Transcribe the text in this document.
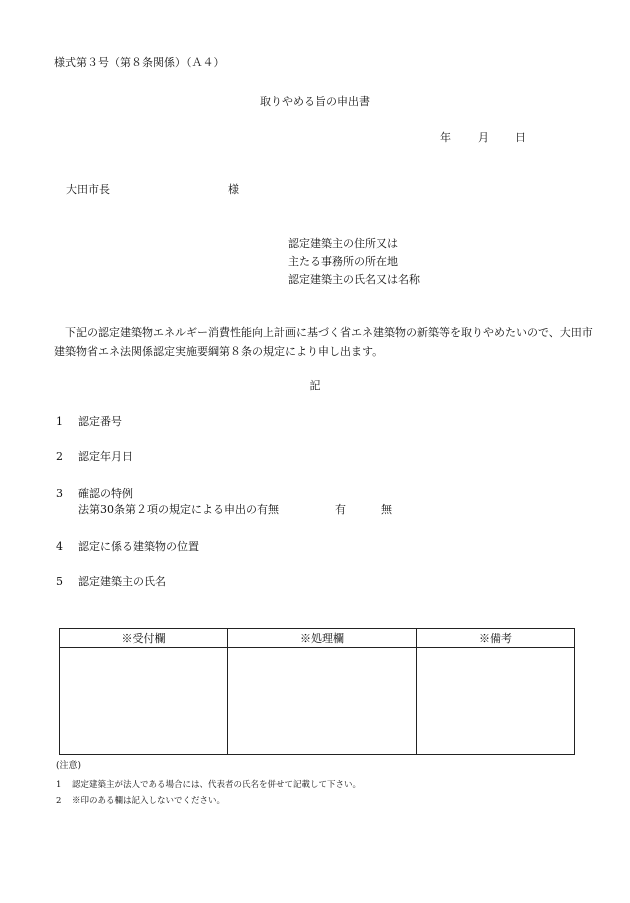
様式第３号（第８条関係）（Ａ４）
取りやめる旨の申出書
年 月 日
大田市長	様
認定建築主の住所又は
主たる事務所の所在地
認定建築主の氏名又は名称
下記の認定建築物エネルギー消費性能向上計画に基づく省エネ建築物の新築等を取りやめたいので、大田市建築物省エネ法関係認定実施要綱第８条の規定により申し出ます。
記
1 認定番号
2 認定年月日
3 確認の特例
法第30条第２項の規定による申出の有無	有	無
4 認定に係る建築物の位置
5 認定建築主の氏名
※受付欄	※処理欄	※備考

(注意)
1 認定建築主が法人である場合には、代表者の氏名を併せて記載して下さい。
2 ※印のある欄は記入しないでください。
